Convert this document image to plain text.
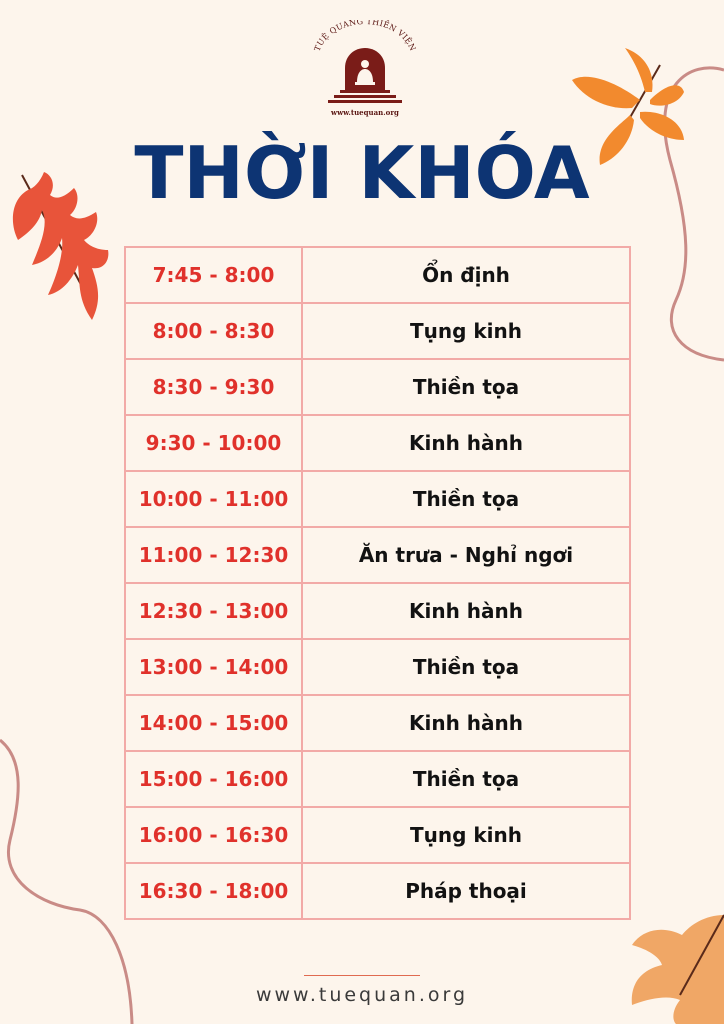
TUỆ QUANG THIỀN VIỆN
www.tuequan.org
THỜI KHÓA
7:45 - 8:00	Ổn định
8:00 - 8:30	Tụng kinh
8:30 - 9:30	Thiền tọa
9:30 - 10:00	Kinh hành
10:00 - 11:00	Thiền tọa
11:00 - 12:30	Ăn trưa - Nghỉ ngơi
12:30 - 13:00	Kinh hành
13:00 - 14:00	Thiền tọa
14:00 - 15:00	Kinh hành
15:00 - 16:00	Thiền tọa
16:00 - 16:30	Tụng kinh
16:30 - 18:00	Pháp thoại
www.tuequan.org
